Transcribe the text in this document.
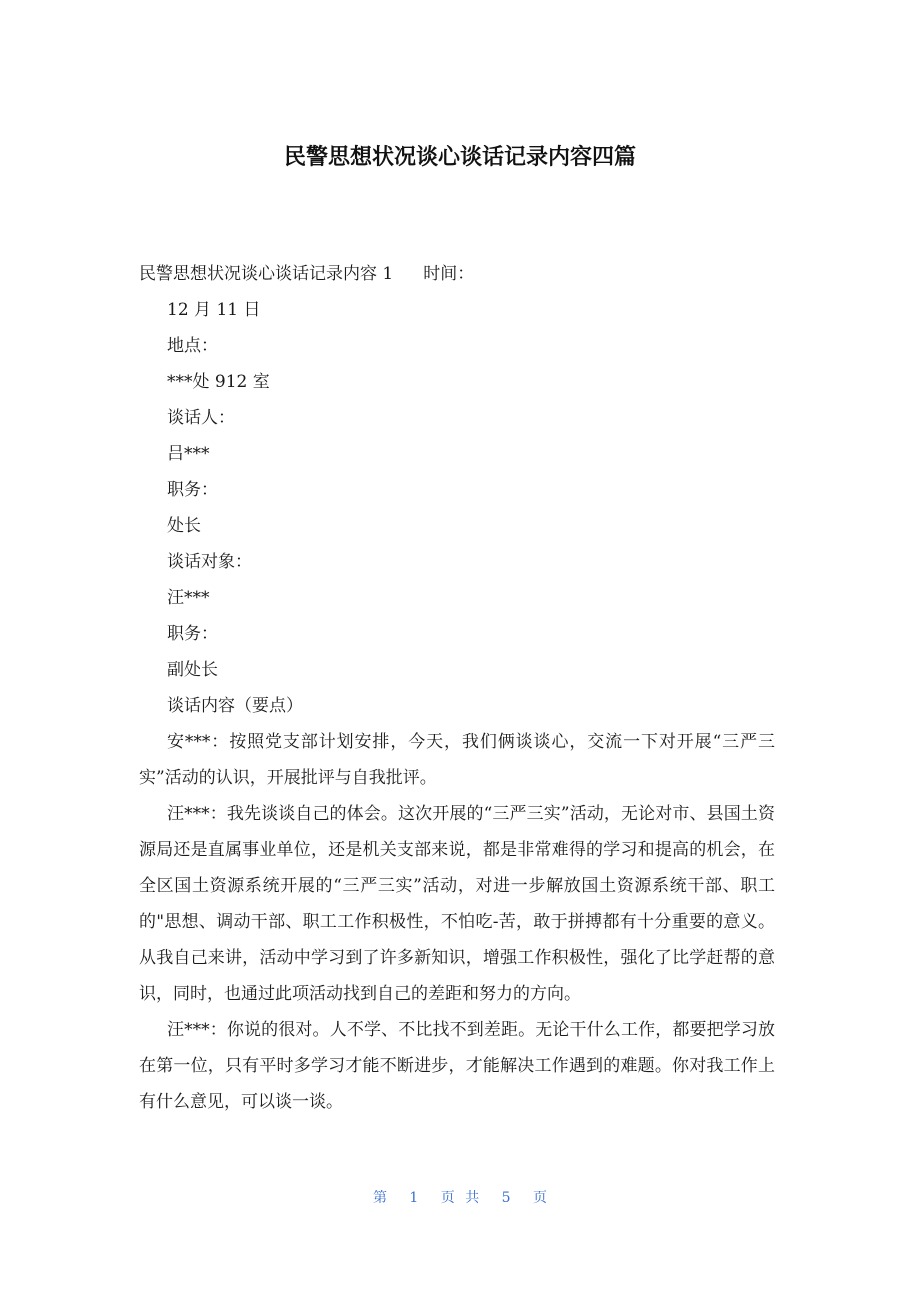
民警思想状况谈心谈话记录内容四篇

民警思想状况谈心谈话记录内容 1 时间：

12 月 11 日

地点：

***处 912 室

谈话人：

吕***

职务：

处长

谈话对象：

汪***

职务：

副处长

谈话内容（要点）

安***：按照党支部计划安排，今天，我们俩谈谈心，交流一下对开展“三严三实”活动的认识，开展批评与自我批评。

汪***：我先谈谈自己的体会。这次开展的“三严三实”活动，无论对市、县国土资源局还是直属事业单位，还是机关支部来说，都是非常难得的学习和提高的机会，在全区国土资源系统开展的“三严三实”活动，对进一步解放国土资源系统干部、职工的"思想、调动干部、职工工作积极性，不怕吃-苦，敢于拼搏都有十分重要的意义。从我自己来讲，活动中学习到了许多新知识，增强工作积极性，强化了比学赶帮的意识，同时，也通过此项活动找到自己的差距和努力的方向。

汪***：你说的很对。人不学、不比找不到差距。无论干什么工作，都要把学习放在第一位，只有平时多学习才能不断进步，才能解决工作遇到的难题。你对我工作上有什么意见，可以谈一谈。

第 1 页 共 5 页
